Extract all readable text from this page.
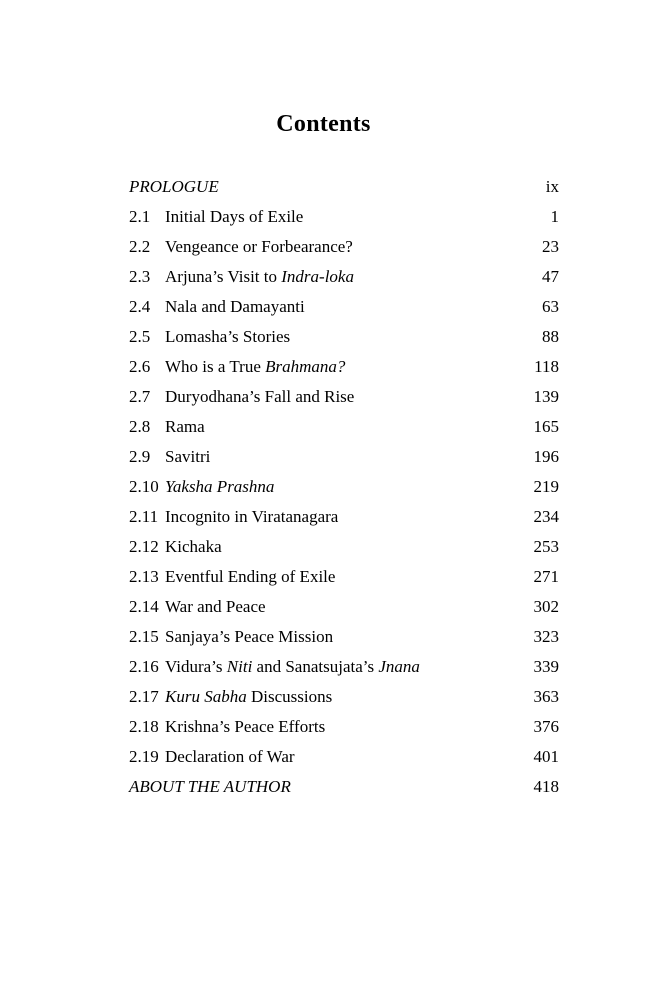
Contents
PROLOGUE .....	ix
2.1 Initial Days of Exile .....	1
2.2 Vengeance or Forbearance? .....	23
2.3 Arjuna’s Visit to Indra-loka .....	47
2.4 Nala and Damayanti .....	63
2.5 Lomasha’s Stories .....	88
2.6 Who is a True Brahmana? .....	118
2.7 Duryodhana’s Fall and Rise .....	139
2.8 Rama .....	165
2.9 Savitri .....	196
2.10 Yaksha Prashna .....	219
2.11 Incognito in Viratanagara .....	234
2.12 Kichaka .....	253
2.13 Eventful Ending of Exile .....	271
2.14 War and Peace .....	302
2.15 Sanjaya’s Peace Mission .....	323
2.16 Vidura’s Niti and Sanatsujata’s Jnana .....	339
2.17 Kuru Sabha Discussions .....	363
2.18 Krishna’s Peace Efforts .....	376
2.19 Declaration of War .....	401
ABOUT THE AUTHOR .....	418
